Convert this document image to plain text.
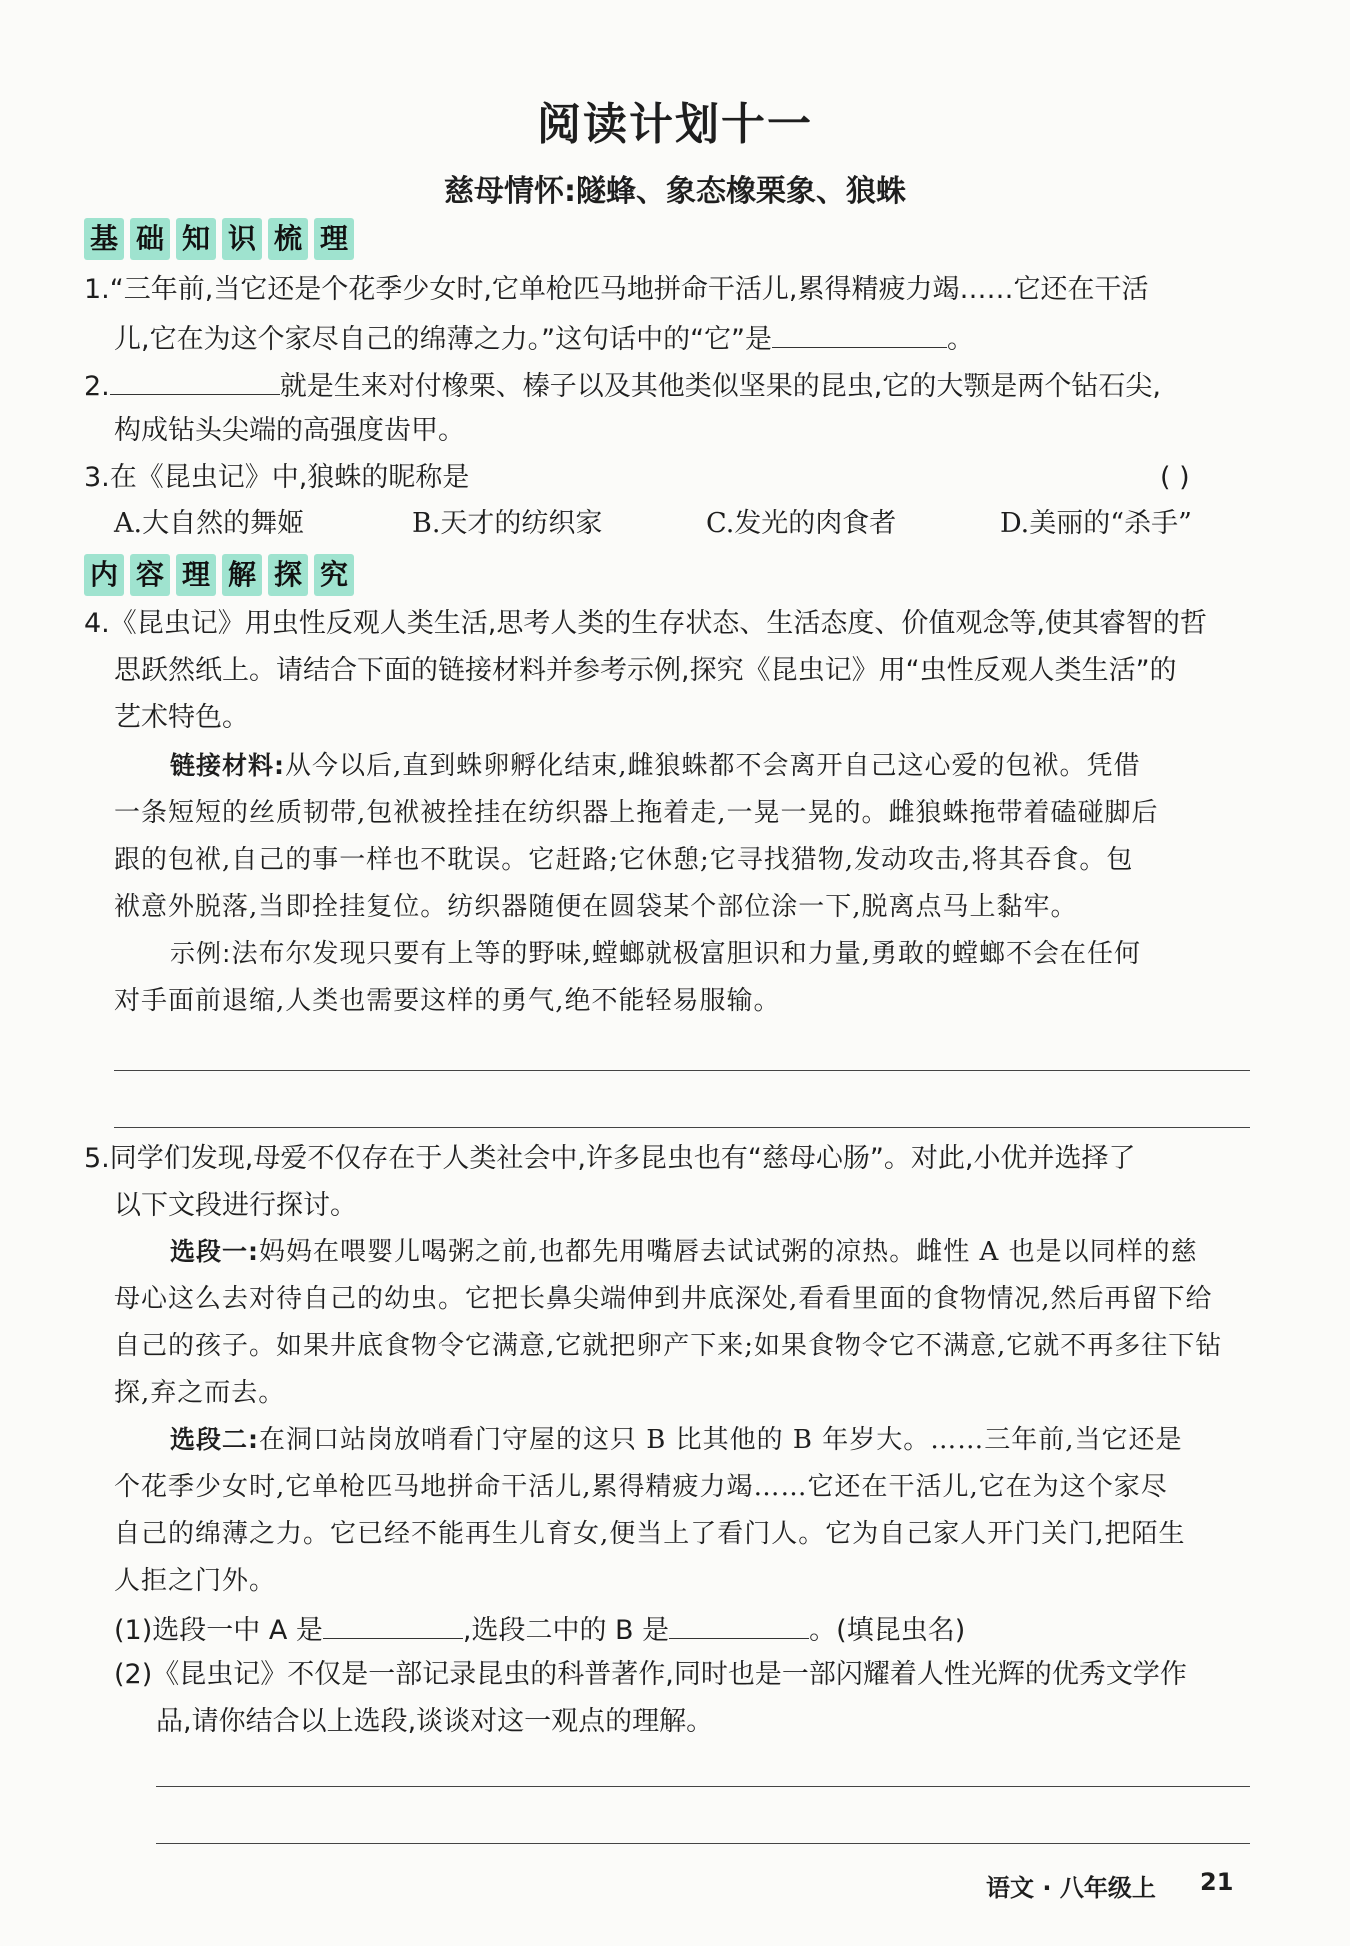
阅读计划十一
慈母情怀:隧蜂、象态橡栗象、狼蛛
基 础 知 识 梳 理
1.“三年前,当它还是个花季少女时,它单枪匹马地拼命干活儿,累得精疲力竭……它还在干活
儿,它在为这个家尽自己的绵薄之力。”这句话中的“它”是	。
2.	就是生来对付橡栗、榛子以及其他类似坚果的昆虫,它的大颚是两个钻石尖,
构成钻头尖端的高强度齿甲。
3.在《昆虫记》中,狼蛛的昵称是	( )
A.大自然的舞姬	B.天才的纺织家	C.发光的肉食者	D.美丽的“杀手”
内 容 理 解 探 究
4.《昆虫记》用虫性反观人类生活,思考人类的生存状态、生活态度、价值观念等,使其睿智的哲
思跃然纸上。请结合下面的链接材料并参考示例,探究《昆虫记》用“虫性反观人类生活”的
艺术特色。
链接材料:从今以后,直到蛛卵孵化结束,雌狼蛛都不会离开自己这心爱的包袱。凭借
一条短短的丝质韧带,包袱被拴挂在纺织器上拖着走,一晃一晃的。雌狼蛛拖带着磕碰脚后
跟的包袱,自己的事一样也不耽误。它赶路;它休憩;它寻找猎物,发动攻击,将其吞食。包
袱意外脱落,当即拴挂复位。纺织器随便在圆袋某个部位涂一下,脱离点马上黏牢。
示例:法布尔发现只要有上等的野味,螳螂就极富胆识和力量,勇敢的螳螂不会在任何
对手面前退缩,人类也需要这样的勇气,绝不能轻易服输。
5.同学们发现,母爱不仅存在于人类社会中,许多昆虫也有“慈母心肠”。对此,小优并选择了
以下文段进行探讨。
选段一:妈妈在喂婴儿喝粥之前,也都先用嘴唇去试试粥的凉热。雌性 A 也是以同样的慈
母心这么去对待自己的幼虫。它把长鼻尖端伸到井底深处,看看里面的食物情况,然后再留下给
自己的孩子。如果井底食物令它满意,它就把卵产下来;如果食物令它不满意,它就不再多往下钻
探,弃之而去。
选段二:在洞口站岗放哨看门守屋的这只 B 比其他的 B 年岁大。……三年前,当它还是
个花季少女时,它单枪匹马地拼命干活儿,累得精疲力竭……它还在干活儿,它在为这个家尽
自己的绵薄之力。它已经不能再生儿育女,便当上了看门人。它为自己家人开门关门,把陌生
人拒之门外。
(1)选段一中 A 是	,选段二中的 B 是	。(填昆虫名)
(2)《昆虫记》不仅是一部记录昆虫的科普著作,同时也是一部闪耀着人性光辉的优秀文学作
品,请你结合以上选段,谈谈对这一观点的理解。
语文 · 八年级上 21
